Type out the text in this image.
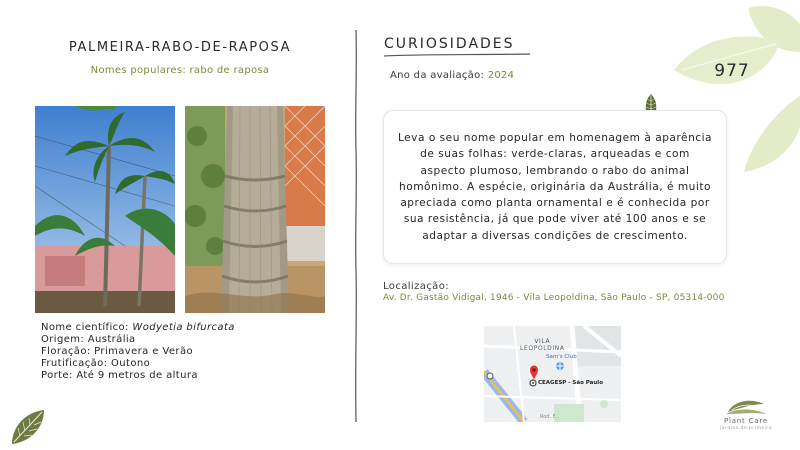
PALMEIRA-RABO-DE-RAPOSA
Nomes populares: rabo de raposa
Nome científico: Wodyetia bifurcata
Origem: Austrália
Floração: Primavera e Verão
Frutificação: Outono
Porte: Até 9 metros de altura
CURIOSIDADES
Ano da avaliação: 2024	977

Leva o seu nome popular em homenagem à aparência de suas folhas: verde-claras, arqueadas e com aspecto plumoso, lembrando o rabo do animal homônimo. A espécie, originária da Austrália, é muito apreciada como planta ornamental e é conhecida por sua resistência, já que pode viver até 100 anos e se adaptar a diversas condições de crescimento.

Localização:
Av. Dr. Gastão Vidigal, 1946 - Vila Leopoldina, São Paulo - SP, 05314-000
VILA
LEOPOLDINA
Sam's Club
CEAGESP - São Paulo
Rod. F...	Plant Care
jardins de primeira
